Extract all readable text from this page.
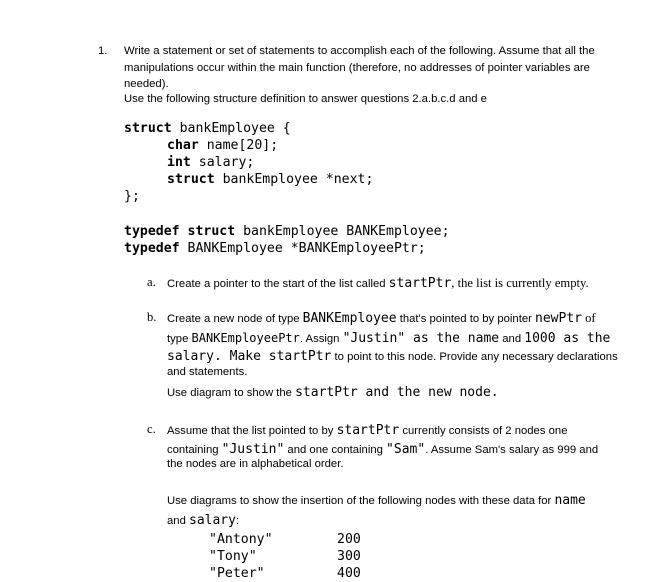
1. Write a statement or set of statements to accomplish each of the following. Assume that all the
manipulations occur within the main function (therefore, no addresses of pointer variables are
needed).
Use the following structure definition to answer questions 2.a.b.c.d and e
struct bankEmployee {
char name[20];
int salary;
struct bankEmployee *next;
};
typedef struct bankEmployee BANKEmployee;
typedef BANKEmployee *BANKEmployeePtr;
a. Create a pointer to the start of the list called startPtr, the list is currently empty.
b. Create a new node of type BANKEmployee that's pointed to by pointer newPtr of
type BANKEmployeePtr. Assign "Justin" as the name and 1000 as the
salary. Make startPtr to point to this node. Provide any necessary declarations
and statements.
Use diagram to show the startPtr and the new node.
c. Assume that the list pointed to by startPtr currently consists of 2 nodes one
containing "Justin" and one containing "Sam". Assume Sam's salary as 999 and
the nodes are in alphabetical order.
Use diagrams to show the insertion of the following nodes with these data for name
and salary:
"Antony"	200
"Tony"	300
"Peter"	400
